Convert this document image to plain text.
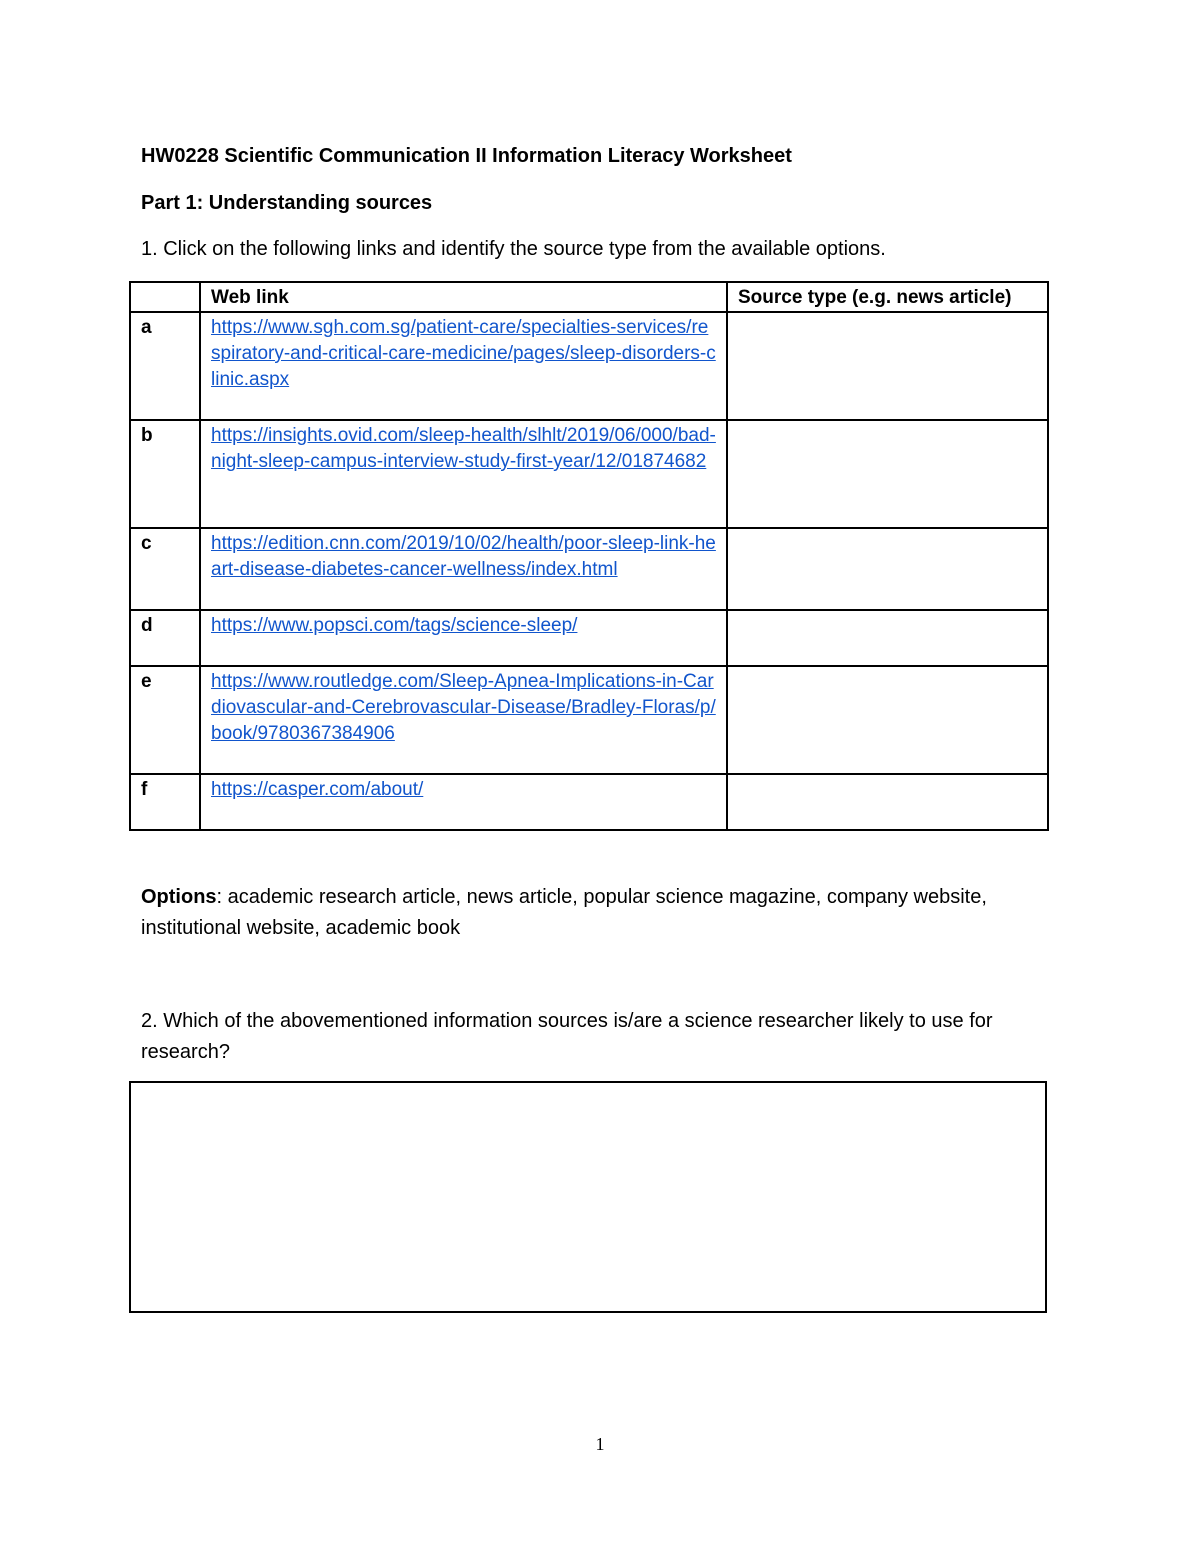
HW0228 Scientific Communication II Information Literacy Worksheet
Part 1: Understanding sources
1. Click on the following links and identify the source type from the available options.
	Web link	Source type (e.g. news article)
a	https://www.sgh.com.sg/patient-care/specialties-services/respiratory-and-critical-care-medicine/pages/sleep-disorders-clinic.aspx	
b	https://insights.ovid.com/sleep-health/slhlt/2019/06/000/bad-night-sleep-campus-interview-study-first-year/12/01874682	
c	https://edition.cnn.com/2019/10/02/health/poor-sleep-link-heart-disease-diabetes-cancer-wellness/index.html	
d	https://www.popsci.com/tags/science-sleep/	
e	https://www.routledge.com/Sleep-Apnea-Implications-in-Cardiovascular-and-Cerebrovascular-Disease/Bradley-Floras/p/book/9780367384906	
f	https://casper.com/about/	
Options: academic research article, news article, popular science magazine, company website, institutional website, academic book
2. Which of the abovementioned information sources is/are a science researcher likely to use for research?
1
